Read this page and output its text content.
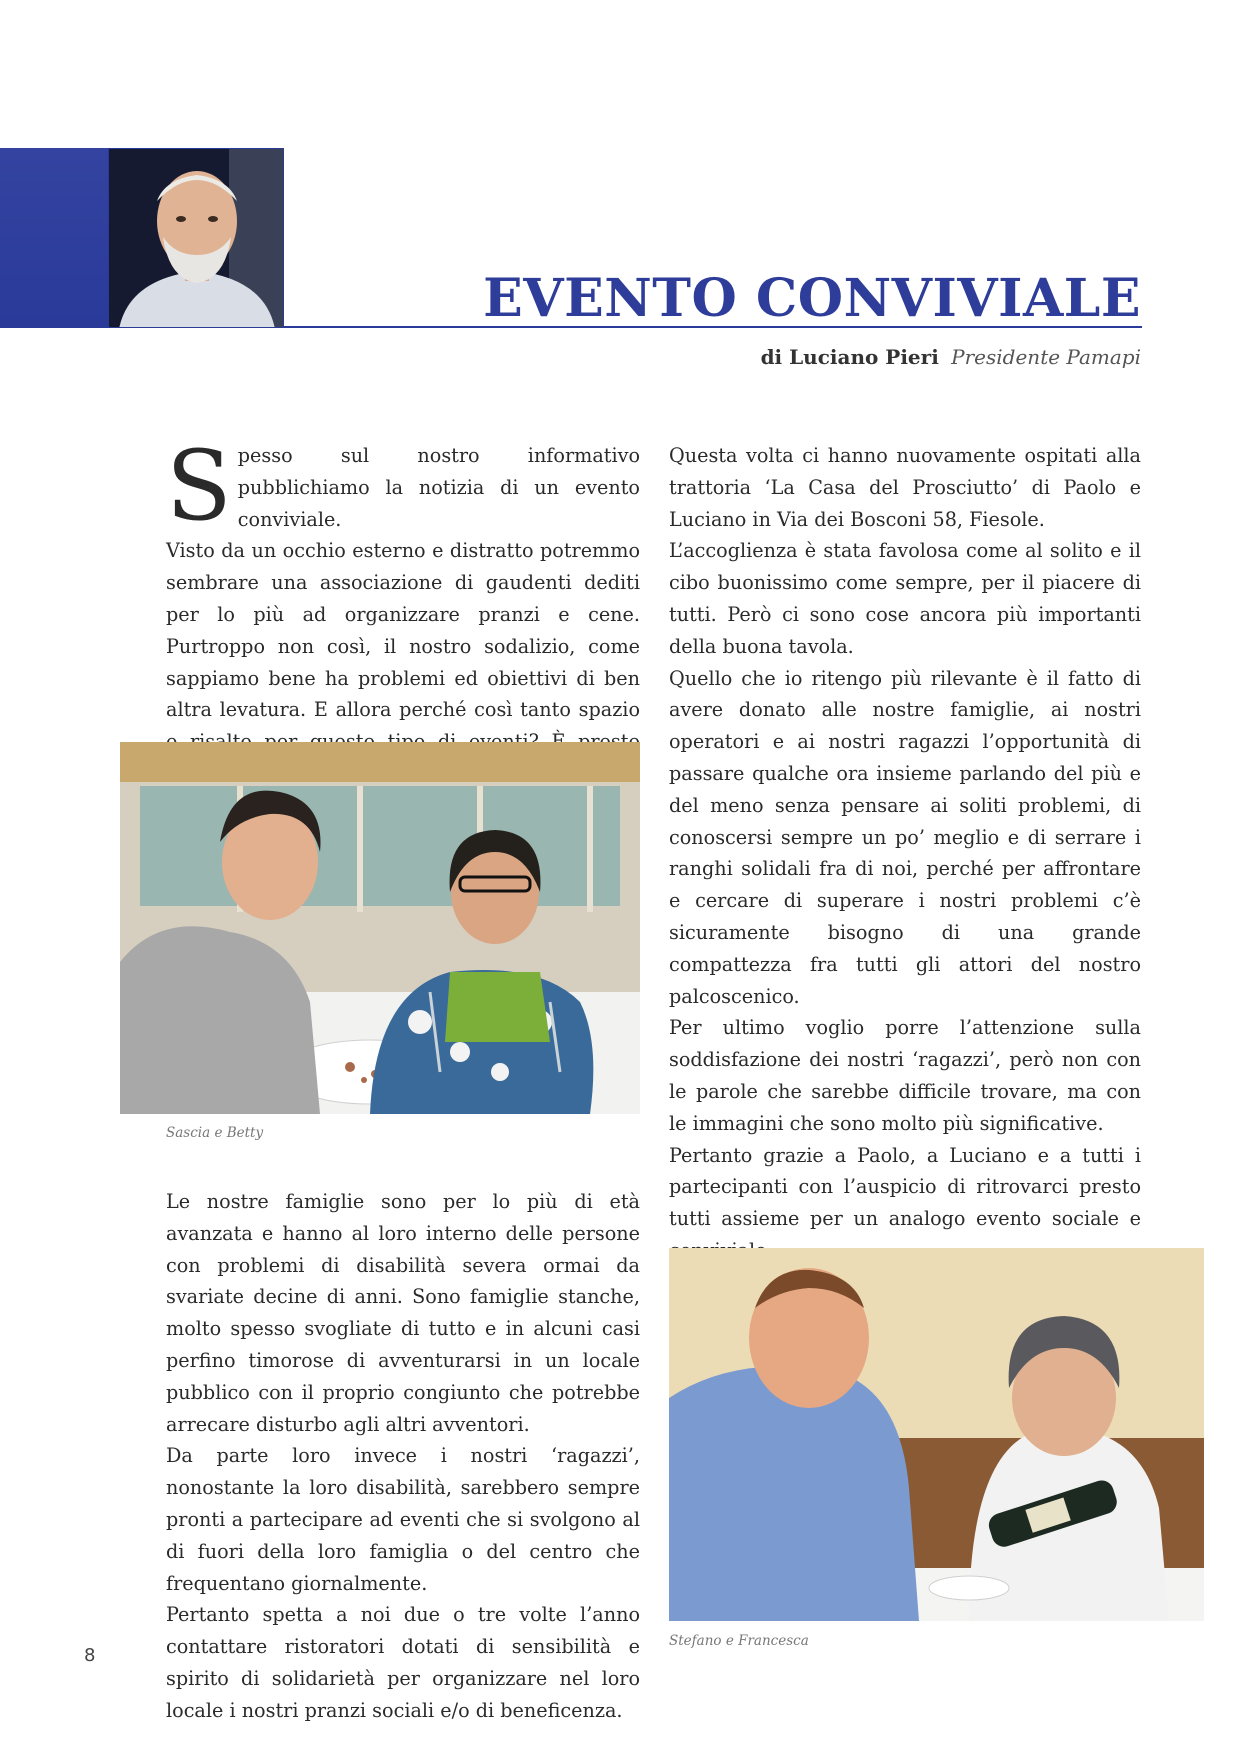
EVENTO CONVIVIALE
di Luciano Pieri Presidente Pamapi

Spesso sul nostro informativo pubblichiamo la notizia di un evento conviviale.
Visto da un occhio esterno e distratto potremmo sembrare una associazione di gaudenti dediti per lo più ad organizzare pranzi e cene. Purtroppo non così, il nostro sodalizio, come sappiamo bene ha problemi ed obiettivi di ben altra levatura. E allora perché così tanto spazio

Sascia e Betty

Le nostre famiglie sono per lo più di età avanzata e hanno al loro interno delle persone con problemi di disabilità severa ormai da svariate decine di anni. Sono famiglie stanche, molto spesso svogliate di tutto e in alcuni casi perfino timorose di avventurarsi in un locale pubblico con il proprio congiunto che potrebbe arrecare disturbo agli altri avventori.

Da parte loro invece i nostri ‘ragazzi’, nonostante la loro disabilità, sarebbero sempre pronti a partecipare ad eventi che si svolgono al di fuori della loro famiglia o del centro che frequentano giornalmente.

Pertanto spetta a noi due o tre volte l’anno contattare ristoratori dotati di sensibilità e spirito di solidarietà per organizzare nel loro locale i nostri pranzi sociali e/o di beneficenza.

Questa volta ci hanno nuovamente ospitati alla trattoria ‘La Casa del Prosciutto’ di Paolo e Luciano in Via dei Bosconi 58, Fiesole.

L’accoglienza è stata favolosa come al solito e il cibo buonissimo come sempre, per il piacere di tutti. Però ci sono cose ancora più importanti della buona tavola.

Quello che io ritengo più rilevante è il fatto di avere donato alle nostre famiglie, ai nostri operatori e ai nostri ragazzi l’opportunità di passare qualche ora insieme parlando del più e del meno senza pensare ai soliti problemi, di conoscersi sempre un po’ meglio e di serrare i ranghi solidali fra di noi, perché per affrontare e cercare di superare i nostri problemi c’è sicuramente bisogno di una grande compattezza fra tutti gli attori del nostro palcoscenico.

Per ultimo voglio porre l’attenzione sulla soddisfazione dei nostri ‘ragazzi’, però non con le parole che sarebbe difficile trovare, ma con le immagini che sono molto più significative.

Pertanto grazie a Paolo, a Luciano e a tutti i partecipanti con l’auspicio di ritrovarci presto tutti assieme per un analogo evento sociale e

Stefano e Francesca
8
